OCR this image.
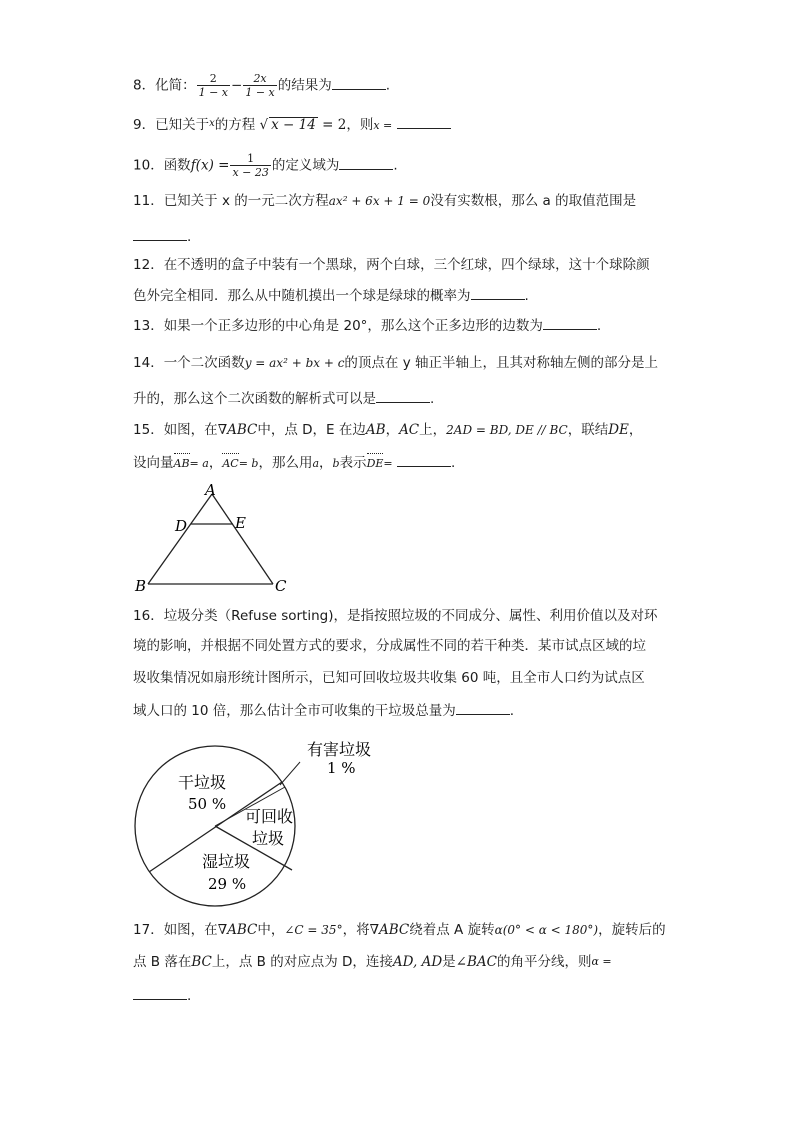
8．化简： $\frac{2}{1 - x} - \frac{2x}{1 - x}$ 的结果为	.
9．已知关于$^x$的方程 √ x − 14 = 2，则x =
10．函数$f(x) = \frac{1}{x - 23}$ 的定义域为	.
11．已知关于 x 的一元二次方程ax² + 6x + 1 = 0没有实数根，那么 a 的取值范围是
.
12．在不透明的盒子中装有一个黑球，两个白球，三个红球，四个绿球，这十个球除颜
色外完全相同．那么从中随机摸出一个球是绿球的概率为	.
13．如果一个正多边形的中心角是 20°，那么这个正多边形的边数为	.
14．一个二次函数y = ax² + bx + c的顶点在 y 轴正半轴上，且其对称轴左侧的部分是上
升的，那么这个二次函数的解析式可以是	.
15．如图，在∇ABC中，点 D，E 在边AB，AC上，2AD = BD, DE // BC，联结DE，
设向量AB= a，AC= b，那么用a，b表示DE=	.
A
B	C
D	E
16．垃圾分类（Refuse sorting)，是指按照垃圾的不同成分、属性、利用价值以及对环
境的影响，并根据不同处置方式的要求，分成属性不同的若干种类．某市试点区域的垃
圾收集情况如扇形统计图所示，已知可回收垃圾共收集 60 吨，且全市人口约为试点区
域人口的 10 倍，那么估计全市可收集的干垃圾总量为	.
干垃圾
50 %
可回收
垃圾
湿垃圾
29 %
有害垃圾
1 %
17．如图，在∇ABC中，∠C = 35°，将∇ABC绕着点 A 旋转α(0° < α < 180°)，旋转后的
点 B 落在BC上，点 B 的对应点为 D，连接AD, AD是∠BAC的角平分线，则$^{\alpha =}$
.
